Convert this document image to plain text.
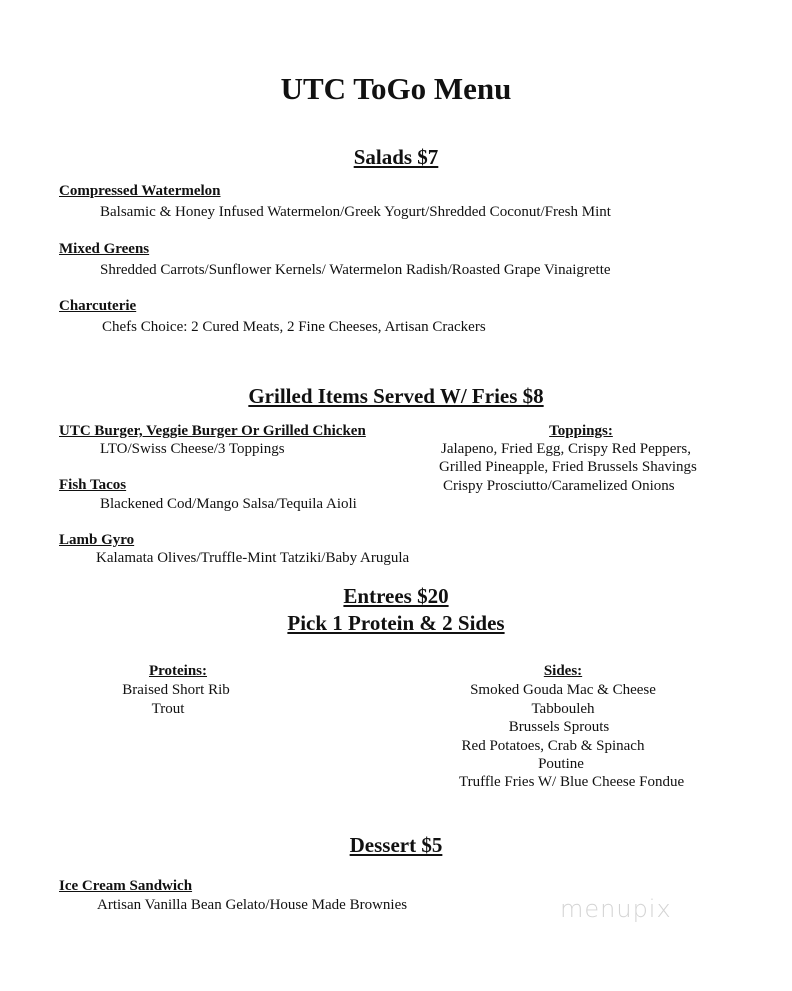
UTC ToGo Menu
Salads $7
Compressed Watermelon
Balsamic & Honey Infused Watermelon/Greek Yogurt/Shredded Coconut/Fresh Mint
Mixed Greens
Shredded Carrots/Sunflower Kernels/ Watermelon Radish/Roasted Grape Vinaigrette
Charcuterie
Chefs Choice: 2 Cured Meats, 2 Fine Cheeses, Artisan Crackers
Grilled Items Served W/ Fries $8
UTC Burger, Veggie Burger Or Grilled Chicken
LTO/Swiss Cheese/3 Toppings
Fish Tacos
Blackened Cod/Mango Salsa/Tequila Aioli
Lamb Gyro
Kalamata Olives/Truffle-Mint Tatziki/Baby Arugula
Toppings:
Jalapeno, Fried Egg, Crispy Red Peppers,
Grilled Pineapple, Fried Brussels Shavings
Crispy Prosciutto/Caramelized Onions
Entrees $20
Pick 1 Protein & 2 Sides
Proteins:
Braised Short Rib
Trout
Sides:
Smoked Gouda Mac & Cheese
Tabbouleh
Brussels Sprouts
Red Potatoes, Crab & Spinach
Poutine
Truffle Fries W/ Blue Cheese Fondue
Dessert $5
Ice Cream Sandwich
Artisan Vanilla Bean Gelato/House Made Brownies	menupix
